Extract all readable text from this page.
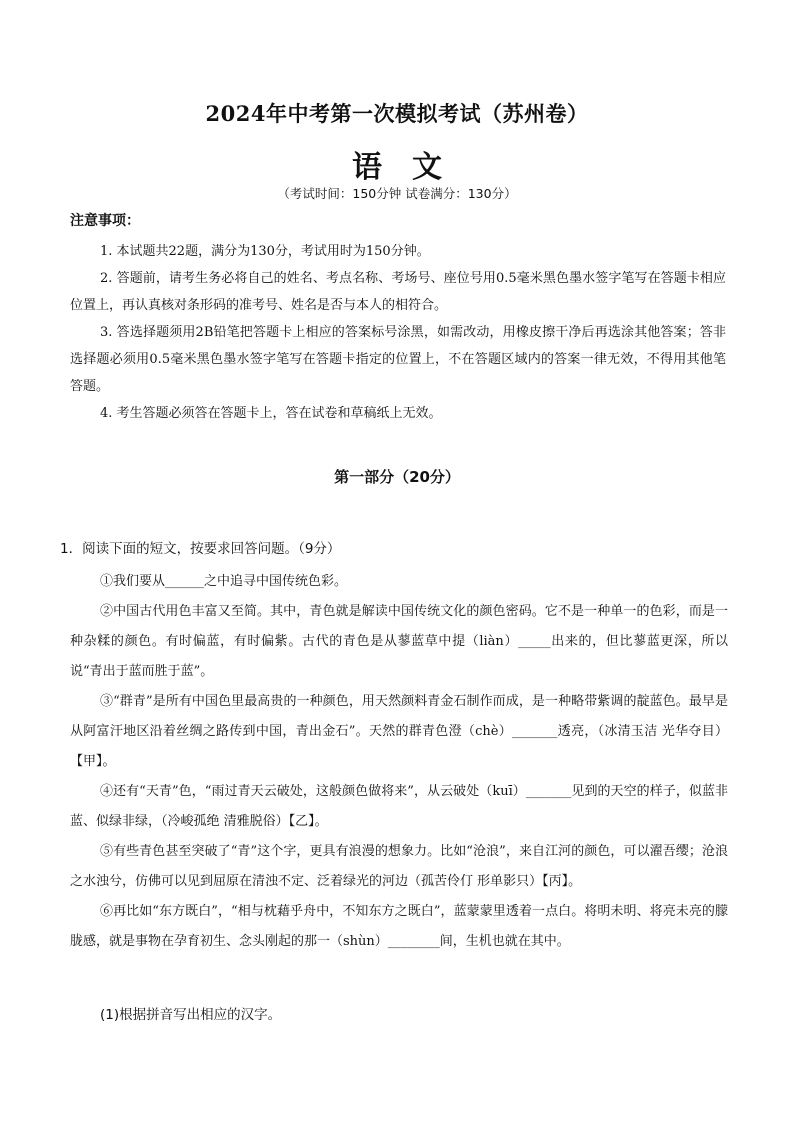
2024年中考第一次模拟考试（苏州卷）
语文
（考试时间：150分钟 试卷满分：130分）
注意事项：
1. 本试题共22题，满分为130分，考试用时为150分钟。
2. 答题前，请考生务必将自己的姓名、考点名称、考场号、座位号用0.5毫米黑色墨水签字笔写在答题卡相应位置上，再认真核对条形码的准考号、姓名是否与本人的相符合。
3. 答选择题须用2B铅笔把答题卡上相应的答案标号涂黑，如需改动，用橡皮擦干净后再选涂其他答案；答非选择题必须用0.5毫米黑色墨水签字笔写在答题卡指定的位置上，不在答题区域内的答案一律无效，不得用其他笔答题。
4. 考生答题必须答在答题卡上，答在试卷和草稿纸上无效。
第一部分（20分）
1．阅读下面的短文，按要求回答问题。（9分）

①我们要从______之中追寻中国传统色彩。

②中国古代用色丰富又至简。其中，青色就是解读中国传统文化的颜色密码。它不是一种单一的色彩，而是一种杂糅的颜色。有时偏蓝，有时偏紫。古代的青色是从蓼蓝草中提（liàn）_____出来的，但比蓼蓝更深，所以说“青出于蓝而胜于蓝”。

③“群青”是所有中国色里最高贵的一种颜色，用天然颜料青金石制作而成，是一种略带紫调的靛蓝色。最早是从阿富汗地区沿着丝绸之路传到中国，青出金石”。天然的群青色澄（chè）_______透亮，（冰清玉洁 光华夺目）【甲】。

④还有“天青”色，“雨过青天云破处，这般颜色做将来”，从云破处（kuī）_______见到的天空的样子，似蓝非蓝、似绿非绿，（冷峻孤绝 清雅脱俗）【乙】。

⑤有些青色甚至突破了“青”这个字，更具有浪漫的想象力。比如“沧浪”，来自江河的颜色，可以濯吾缨；沧浪之水浊兮，仿佛可以见到屈原在清浊不定、泛着绿光的河边（孤苦伶仃 形单影只）【丙】。

⑥再比如“东方既白”，“相与枕藉乎舟中，不知东方之既白”，蓝蒙蒙里透着一点白。将明未明、将亮未亮的朦胧感，就是事物在孕育初生、念头刚起的那一（shùn）________间，生机也就在其中。

(1)根据拼音写出相应的汉字。
